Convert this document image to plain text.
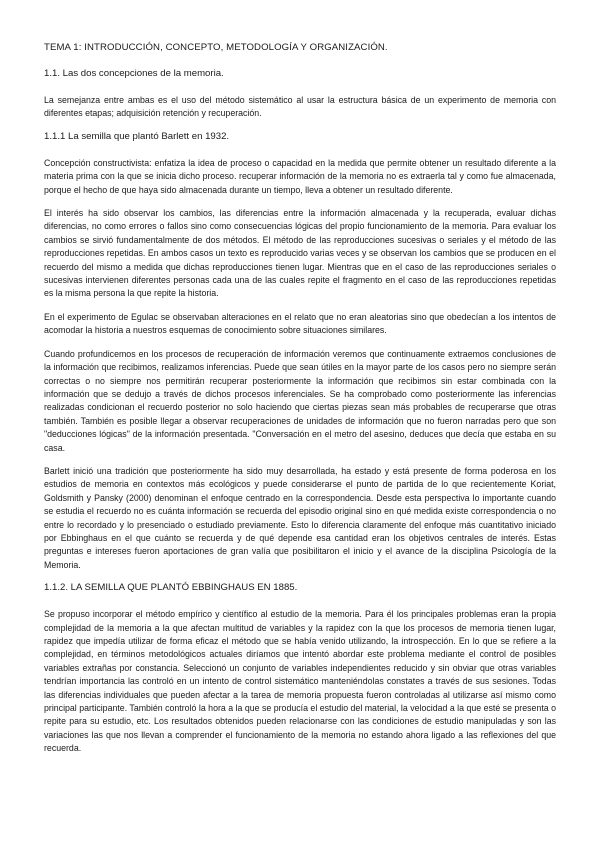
TEMA 1: INTRODUCCIÓN, CONCEPTO, METODOLOGÍA Y ORGANIZACIÓN.
1.1. Las dos concepciones de la memoria.
La semejanza entre ambas es el uso del método sistemático al usar la estructura básica de un experimento de memoria con diferentes etapas; adquisición retención y recuperación.
1.1.1 La semilla que plantó Barlett en 1932.
Concepción constructivista: enfatiza la idea de proceso o capacidad en la medida que permite obtener un resultado diferente a la materia prima con la que se inicia dicho proceso. recuperar información de la memoria no es extraerla tal y como fue almacenada, porque el hecho de que haya sido almacenada durante un tiempo, lleva a obtener un resultado diferente.
El interés ha sido observar los cambios, las diferencias entre la información almacenada y la recuperada, evaluar dichas diferencias, no como errores o fallos sino como consecuencias lógicas del propio funcionamiento de la memoria. Para evaluar los cambios se sirvió fundamentalmente de dos métodos. El método de las reproducciones sucesivas o seriales y el método de las reproducciones repetidas. En ambos casos un texto es reproducido varias veces y se observan los cambios que se producen en el recuerdo del mismo a medida que dichas reproducciones tienen lugar. Mientras que en el caso de las reproducciones seriales o sucesivas intervienen diferentes personas cada una de las cuales repite el fragmento en el caso de las reproducciones repetidas es la misma persona la que repite la historia.
En el experimento de Egulac se observaban alteraciones en el relato que no eran aleatorias sino que obedecían a los intentos de acomodar la historia a nuestros esquemas de conocimiento sobre situaciones similares.
Cuando profundicemos en los procesos de recuperación de información veremos que continuamente extraemos conclusiones de la información que recibimos, realizamos inferencias. Puede que sean útiles en la mayor parte de los casos pero no siempre serán correctas o no siempre nos permitirán recuperar posteriormente la información que recibimos sin estar combinada con la información que se dedujo a través de dichos procesos inferenciales. Se ha comprobado como posteriormente las inferencias realizadas condicionan el recuerdo posterior no solo haciendo que ciertas piezas sean más probables de recuperarse que otras también. También es posible llegar a observar recuperaciones de unidades de información que no fueron narradas pero que son "deducciones lógicas" de la información presentada. "Conversación en el metro del asesino, deduces que decía que estaba en su casa.
Barlett inició una tradición que posteriormente ha sido muy desarrollada, ha estado y está presente de forma poderosa en los estudios de memoria en contextos más ecológicos y puede considerarse el punto de partida de lo que recientemente Koriat, Goldsmith y Pansky (2000) denominan el enfoque centrado en la correspondencia. Desde esta perspectiva lo importante cuando se estudia el recuerdo no es cuánta información se recuerda del episodio original sino en qué medida existe correspondencia o no entre lo recordado y lo presenciado o estudiado previamente. Esto lo diferencia claramente del enfoque más cuantitativo iniciado por Ebbinghaus en el que cuánto se recuerda y de qué depende esa cantidad eran los objetivos centrales de interés. Estas preguntas e intereses fueron aportaciones de gran valía que posibilitaron el inicio y el avance de la disciplina Psicología de la Memoria.
1.1.2. LA SEMILLA QUE PLANTÓ EBBINGHAUS EN 1885.
Se propuso incorporar el método empírico y científico al estudio de la memoria. Para él los principales problemas eran la propia complejidad de la memoria a la que afectan multitud de variables y la rapidez con la que los procesos de memoria tienen lugar, rapidez que impedía utilizar de forma eficaz el método que se había venido utilizando, la introspección. En lo que se refiere a la complejidad, en términos metodológicos actuales diríamos que intentó abordar este problema mediante el control de posibles variables extrañas por constancia. Seleccionó un conjunto de variables independientes reducido y sin obviar que otras variables tendrían importancia las controló en un intento de control sistemático manteniéndolas constates a través de sus sesiones. Todas las diferencias individuales que pueden afectar a la tarea de memoria propuesta fueron controladas al utilizarse así mismo como principal participante. También controló la hora a la que se producía el estudio del material, la velocidad a la que esté se presenta o repite para su estudio, etc. Los resultados obtenidos pueden relacionarse con las condiciones de estudio manipuladas y son las variaciones las que nos llevan a comprender el funcionamiento de la memoria no estando ahora ligado a las reflexiones del que recuerda.
